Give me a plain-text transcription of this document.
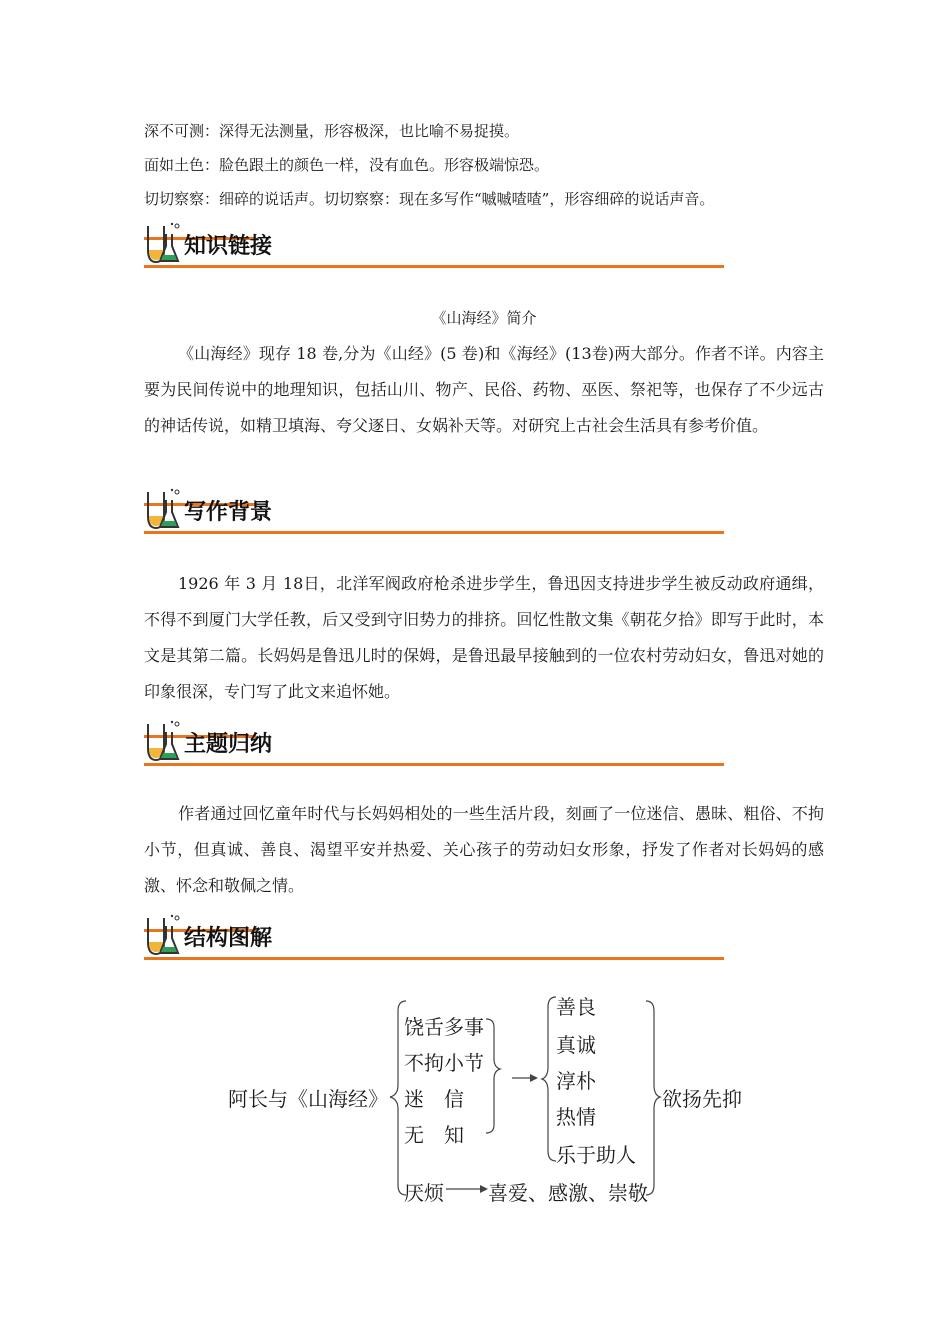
深不可测：深得无法测量，形容极深，也比喻不易捉摸。
面如土色：脸色跟土的颜色一样，没有血色。形容极端惊恐。
切切察察：细碎的说话声。切切察察：现在多写作“嘁嘁喳喳”，形容细碎的说话声音。
知识链接
《山海经》简介
《山海经》现存 18 卷,分为《山经》(5 卷)和《海经》(13卷)两大部分。作者不详。内容主要为民间传说中的地理知识，包括山川、物产、民俗、药物、巫医、祭祀等，也保存了不少远古的神话传说，如精卫填海、夸父逐日、女娲补天等。对研究上古社会生活具有参考价值。
写作背景
1926 年 3 月 18日，北洋军阀政府枪杀进步学生，鲁迅因支持进步学生被反动政府通缉，不得不到厦门大学任教，后又受到守旧势力的排挤。回忆性散文集《朝花夕拾》即写于此时，本文是其第二篇。长妈妈是鲁迅儿时的保姆，是鲁迅最早接触到的一位农村劳动妇女，鲁迅对她的印象很深，专门写了此文来追怀她。
主题归纳
作者通过回忆童年时代与长妈妈相处的一些生活片段，刻画了一位迷信、愚昧、粗俗、不拘小节，但真诚、善良、渴望平安并热爱、关心孩子的劳动妇女形象，抒发了作者对长妈妈的感激、怀念和敬佩之情。
结构图解
阿长与《山海经》
饶舌多事
不拘小节
迷　信
无　知
善良
真诚
淳朴
热情
乐于助人
欲扬先抑
厌烦 喜爱、感激、崇敬
